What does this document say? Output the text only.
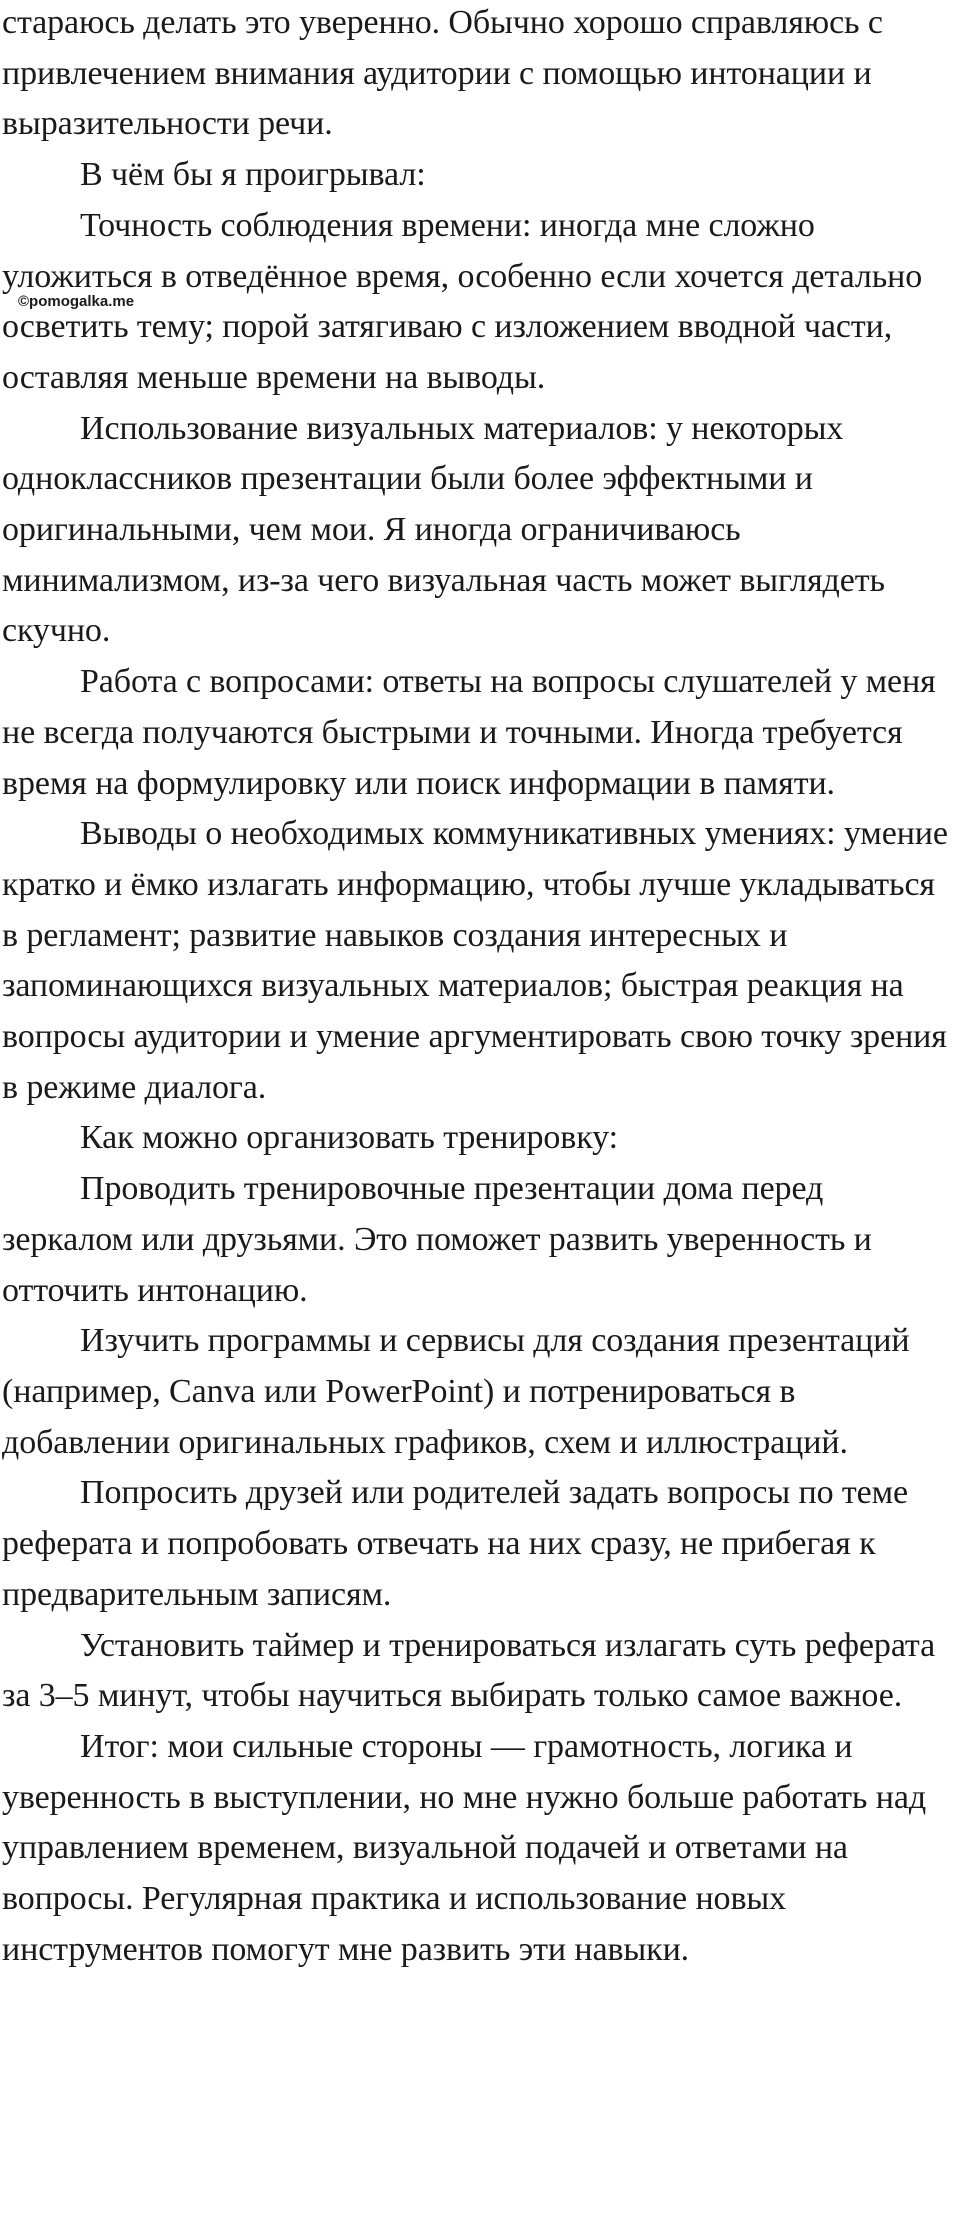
стараюсь делать это уверенно. Обычно хорошо справляюсь с привлечением внимания аудитории с помощью интонации и выразительности речи.

В чём бы я проигрывал:

Точность соблюдения времени: иногда мне сложно уложиться в отведённое время, особенно если хочется детально осветить тему; порой затягиваю с изложением вводной части, оставляя меньше времени на выводы.

Использование визуальных материалов: у некоторых одноклассников презентации были более эффектными и оригинальными, чем мои. Я иногда ограничиваюсь минимализмом, из-за чего визуальная часть может выглядеть скучно.

Работа с вопросами: ответы на вопросы слушателей у меня не всегда получаются быстрыми и точными. Иногда требуется время на формулировку или поиск информации в памяти.

Выводы о необходимых коммуникативных умениях: умение кратко и ёмко излагать информацию, чтобы лучше укладываться в регламент; развитие навыков создания интересных и запоминающихся визуальных материалов; быстрая реакция на вопросы аудитории и умение аргументировать свою точку зрения в режиме диалога.

Как можно организовать тренировку:

Проводить тренировочные презентации дома перед зеркалом или друзьями. Это поможет развить уверенность и отточить интонацию.

Изучить программы и сервисы для создания презентаций (например, Canva или PowerPoint) и потренироваться в добавлении оригинальных графиков, схем и иллюстраций.

Попросить друзей или родителей задать вопросы по теме реферата и попробовать отвечать на них сразу, не прибегая к предварительным записям.

Установить таймер и тренироваться излагать суть реферата за 3–5 минут, чтобы научиться выбирать только самое важное.

Итог: мои сильные стороны — грамотность, логика и уверенность в выступлении, но мне нужно больше работать над управлением временем, визуальной подачей и ответами на вопросы. Регулярная практика и использование новых инструментов помогут мне развить эти навыки.

©pomogalka.me
